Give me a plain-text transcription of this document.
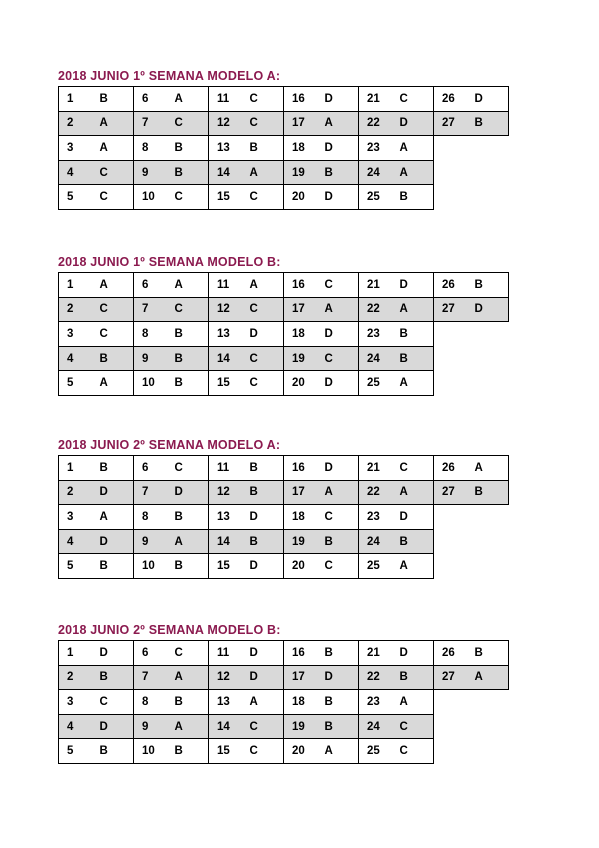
2018 JUNIO 1º SEMANA MODELO A:
1	B	6	A	11	C	16	D	21	C	26	D
2	A	7	C	12	C	17	A	22	D	27	B
3	A	8	B	13	B	18	D	23	A		
4	C	9	B	14	A	19	B	24	A		
5	C	10	C	15	C	20	D	25	B		
2018 JUNIO 1º SEMANA MODELO B:
1	A	6	A	11	A	16	C	21	D	26	B
2	C	7	C	12	C	17	A	22	A	27	D
3	C	8	B	13	D	18	D	23	B		
4	B	9	B	14	C	19	C	24	B		
5	A	10	B	15	C	20	D	25	A		
2018 JUNIO 2º SEMANA MODELO A:
1	B	6	C	11	B	16	D	21	C	26	A
2	D	7	D	12	B	17	A	22	A	27	B
3	A	8	B	13	D	18	C	23	D		
4	D	9	A	14	B	19	B	24	B		
5	B	10	B	15	D	20	C	25	A		
2018 JUNIO 2º SEMANA MODELO B:
1	D	6	C	11	D	16	B	21	D	26	B
2	B	7	A	12	D	17	D	22	B	27	A
3	C	8	B	13	A	18	B	23	A		
4	D	9	A	14	C	19	B	24	C		
5	B	10	B	15	C	20	A	25	C		
